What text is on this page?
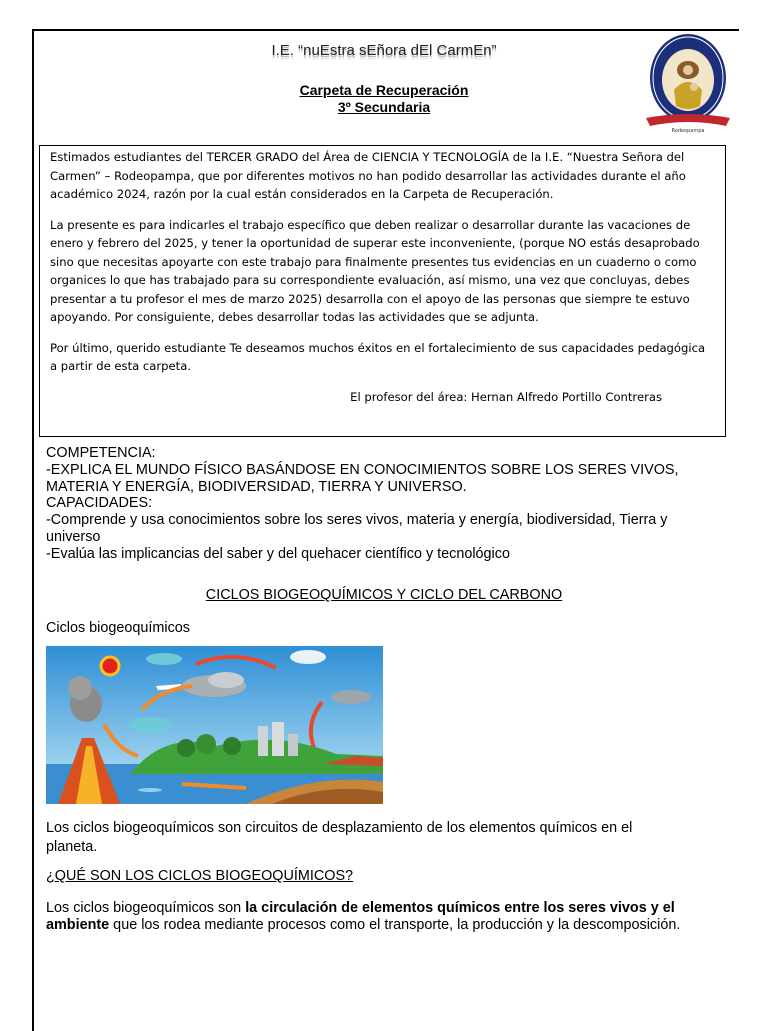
I.E. “nuEstra sEñora dEl CarmEn”
Carpeta de Recuperación
3º Secundaria
Rodeopampa

Estimados estudiantes del TERCER GRADO del Área de CIENCIA Y TECNOLOGÍA de la I.E. “Nuestra Señora del Carmen” – Rodeopampa, que por diferentes motivos no han podido desarrollar las actividades durante el año académico 2024, razón por la cual están considerados en la Carpeta de Recuperación.

La presente es para indicarles el trabajo específico que deben realizar o desarrollar durante las vacaciones de enero y febrero del 2025, y tener la oportunidad de superar este inconveniente, (porque NO estás desaprobado sino que necesitas apoyarte con este trabajo para finalmente presentes tus evidencias en un cuaderno o como organices lo que has trabajado para su correspondiente evaluación, así mismo, una vez que concluyas, debes presentar a tu profesor el mes de marzo 2025) desarrolla con el apoyo de las personas que siempre te estuvo apoyando. Por consiguiente, debes desarrollar todas las actividades que se adjunta.

Por último, querido estudiante Te deseamos muchos éxitos en el fortalecimiento de sus capacidades pedagógica a partir de esta carpeta.

El profesor del área: Hernan Alfredo Portillo Contreras

COMPETENCIA:
-EXPLICA EL MUNDO FÍSICO BASÁNDOSE EN CONOCIMIENTOS SOBRE LOS SERES VIVOS, MATERIA Y ENERGÍA, BIODIVERSIDAD, TIERRA Y UNIVERSO.
CAPACIDADES:
-Comprende y usa conocimientos sobre los seres vivos, materia y energía, biodiversidad, Tierra y universo
-Evalúa las implicancias del saber y del quehacer científico y tecnológico
CICLOS BIOGEOQUÍMICOS Y CICLO DEL CARBONO
Ciclos biogeoquímicos
Los ciclos biogeoquímicos son circuitos de desplazamiento de los elementos químicos en el planeta.
¿QUÉ SON LOS CICLOS BIOGEOQUÍMICOS?
Los ciclos biogeoquímicos son la circulación de elementos químicos entre los seres vivos y el ambiente que los rodea mediante procesos como el transporte, la producción y la descomposición.
